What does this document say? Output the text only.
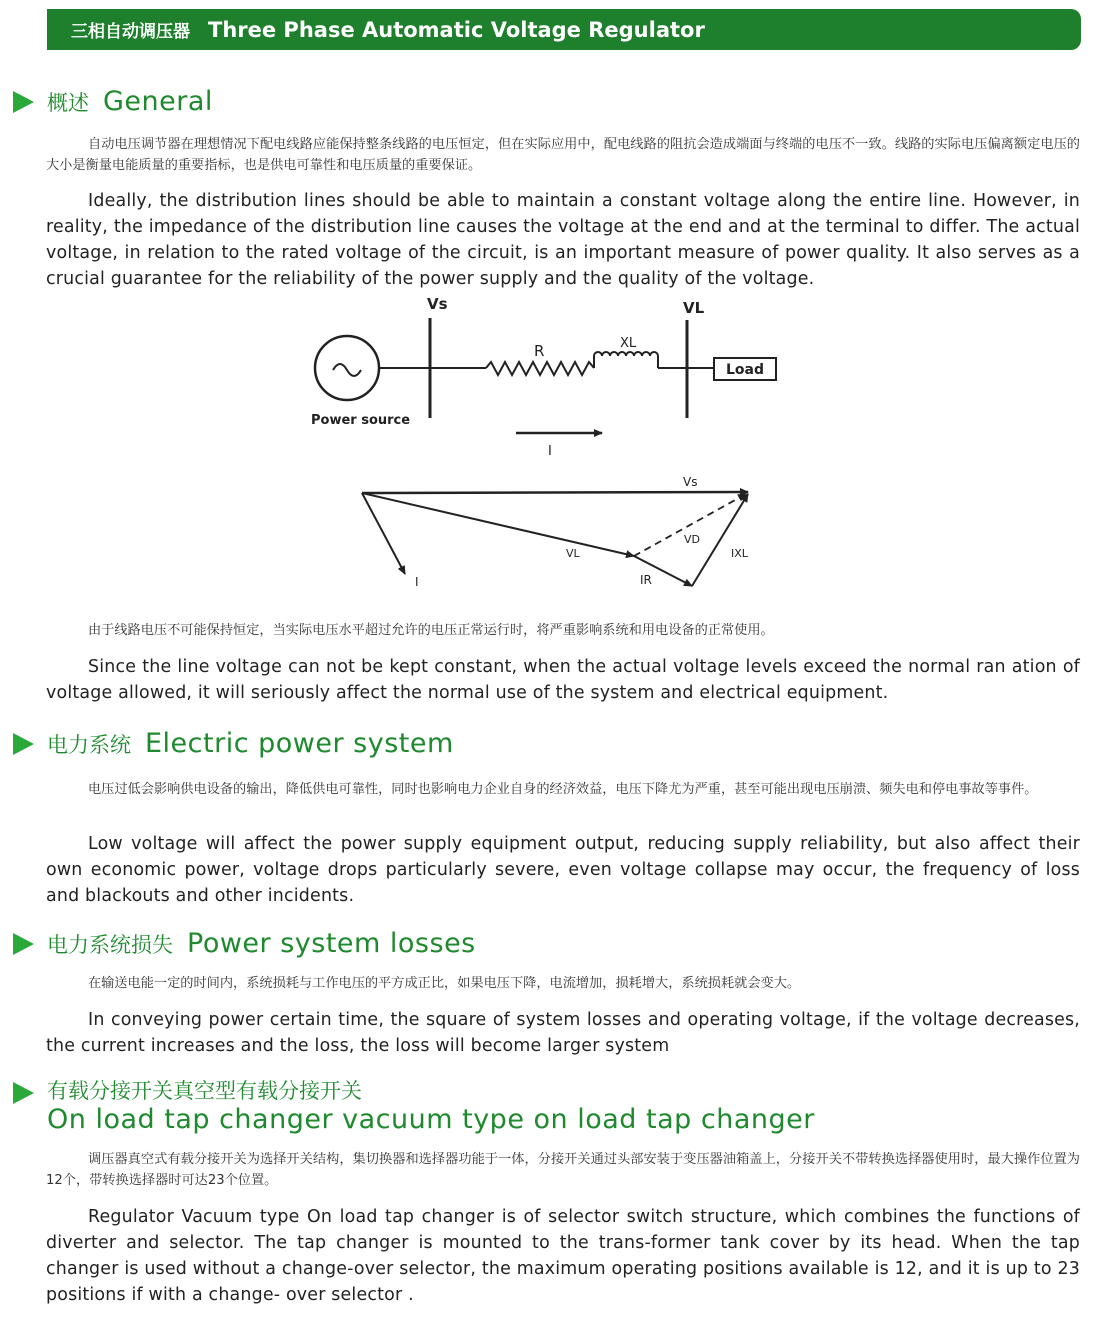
三相自动调压器 Three Phase Automatic Voltage Regulator
概述 General

自动电压调节器在理想情况下配电线路应能保持整条线路的电压恒定，但在实际应用中，配电线路的阻抗会造成端面与终端的电压不一致。线路的实际电压偏离额定电压的大小是衡量电能质量的重要指标，也是供电可靠性和电压质量的重要保证。

Ideally, the distribution lines should be able to maintain a constant voltage along the entire line. However, in reality, the impedance of the distribution line causes the voltage at the end and at the terminal to differ. The actual voltage, in relation to the rated voltage of the circuit, is an important measure of power quality. It also serves as a crucial guarantee for the reliability of the power supply and the quality of the voltage.

Load
Vs	VL
R	XL
Power source
I
Vs
VD
VL	IXL
IR
I

由于线路电压不可能保持恒定，当实际电压水平超过允许的电压正常运行时，将严重影响系统和用电设备的正常使用。

Since the line voltage can not be kept constant, when the actual voltage levels exceed the normal ran ation of voltage allowed, it will seriously affect the normal use of the system and electrical equipment.

电力系统 Electric power system

电压过低会影响供电设备的输出，降低供电可靠性，同时也影响电力企业自身的经济效益，电压下降尤为严重，甚至可能出现电压崩溃、频失电和停电事故等事件。

Low voltage will affect the power supply equipment output, reducing supply reliability, but also affect their own economic power, voltage drops particularly severe, even voltage collapse may occur, the frequency of loss and blackouts and other incidents.

电力系统损失 Power system losses

在输送电能一定的时间内，系统损耗与工作电压的平方成正比，如果电压下降，电流增加，损耗增大，系统损耗就会变大。

In conveying power certain time, the square of system losses and operating voltage, if the voltage decreases, the current increases and the loss, the loss will become larger system

有载分接开关真空型有载分接开关
On load tap changer vacuum type on load tap changer

调压器真空式有载分接开关为选择开关结构，集切换器和选择器功能于一体，分接开关通过头部安装于变压器油箱盖上，分接开关不带转换选择器使用时，最大操作位置为12个，带转换选择器时可达23个位置。

Regulator Vacuum type On load tap changer is of selector switch structure, which combines the functions of diverter and selector. The tap changer is mounted to the trans-former tank cover by its head. When the tap changer is used without a change-over selector, the maximum operating positions available is 12, and it is up to 23 positions if with a change- over selector .
